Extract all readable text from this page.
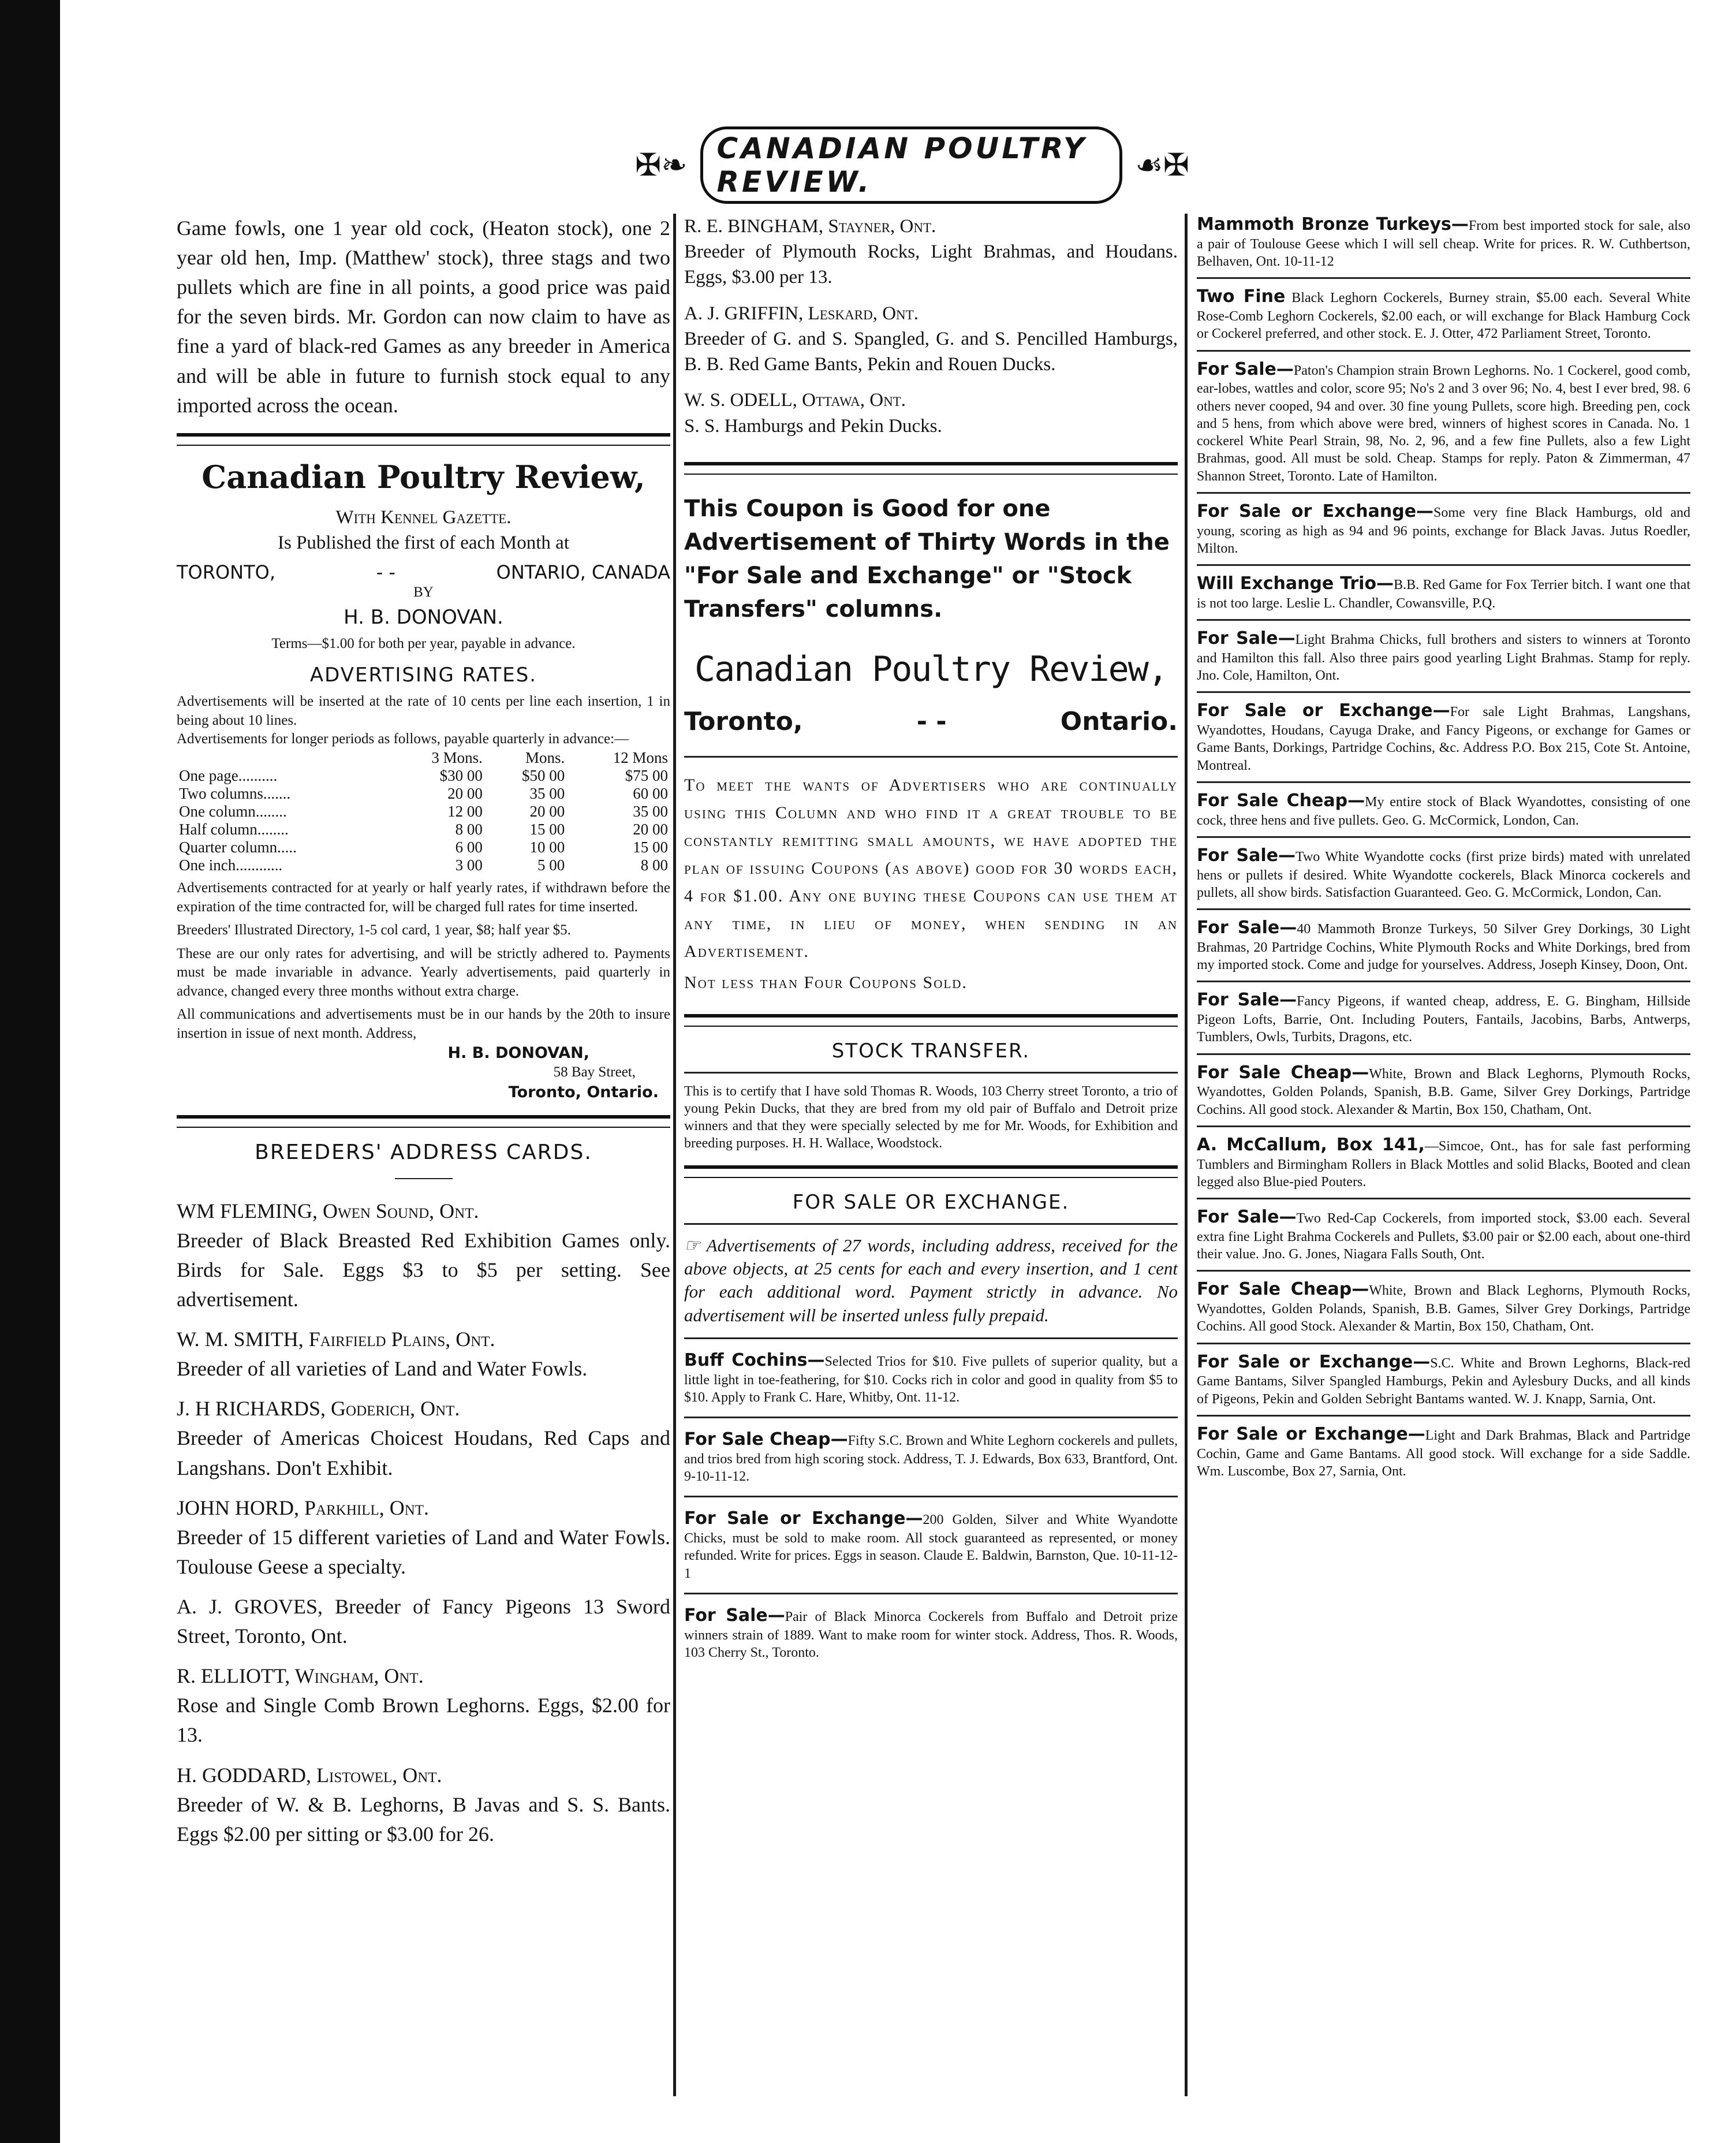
✠❧	CANADIAN POULTRY REVIEW.	☙✠

Game fowls, one 1 year old cock, (Heaton stock), one 2 year old hen, Imp. (Matthew' stock), three stags and two pullets which are fine in all points, a good price was paid for the seven birds. Mr. Gordon can now claim to have as fine a yard of black-red Games as any breeder in America and will be able in future to furnish stock equal to any imported across the ocean.

Canadian Poultry Review,

With Kennel Gazette.

Is Published the first of each Month at

TORONTO,	- -	ONTARIO, CANADA

BY

H. B. DONOVAN.

Terms—$1.00 for both per year, payable in advance.

ADVERTISING RATES.

Advertisements will be inserted at the rate of 10 cents per line each insertion, 1 in being about 10 lines.

Advertisements for longer periods as follows, payable quarterly in advance:—

	3 Mons.	Mons.	12 Mons
One page..........	$30 00	$50 00	$75 00
Two columns.......	20 00	35 00	60 00
One column........	12 00	20 00	35 00
Half column........	8 00	15 00	20 00
Quarter column.....	6 00	10 00	15 00
One inch............	3 00	5 00	8 00

Advertisements contracted for at yearly or half yearly rates, if withdrawn before the expiration of the time contracted for, will be charged full rates for time inserted.

Breeders' Illustrated Directory, 1-5 col card, 1 year, $8; half year $5.

These are our only rates for advertising, and will be strictly adhered to. Payments must be made invariable in advance. Yearly advertisements, paid quarterly in advance, changed every three months without extra charge.

All communications and advertisements must be in our hands by the 20th to insure insertion in issue of next month. Address,

H. B. DONOVAN,

58 Bay Street,

Toronto, Ontario.

BREEDERS' ADDRESS CARDS.

WM FLEMING, Owen Sound, Ont.

Breeder of Black Breasted Red Exhibition Games only. Birds for Sale. Eggs $3 to $5 per setting. See advertisement.

W. M. SMITH, Fairfield Plains, Ont.

Breeder of all varieties of Land and Water Fowls.

J. H RICHARDS, Goderich, Ont.

Breeder of Americas Choicest Houdans, Red Caps and Langshans. Don't Exhibit.

JOHN HORD, Parkhill, Ont.

Breeder of 15 different varieties of Land and Water Fowls. Toulouse Geese a specialty.

A. J. GROVES, Breeder of Fancy Pigeons 13 Sword Street, Toronto, Ont.

R. ELLIOTT, Wingham, Ont.

Rose and Single Comb Brown Leghorns. Eggs, $2.00 for 13.

H. GODDARD, Listowel, Ont.

Breeder of W. & B. Leghorns, B Javas and S. S. Bants. Eggs $2.00 per sitting or $3.00 for 26.

R. E. BINGHAM, Stayner, Ont.

Breeder of Plymouth Rocks, Light Brahmas, and Houdans. Eggs, $3.00 per 13.

A. J. GRIFFIN, Leskard, Ont.

Breeder of G. and S. Spangled, G. and S. Pencilled Hamburgs, B. B. Red Game Bants, Pekin and Rouen Ducks.

W. S. ODELL, Ottawa, Ont.

S. S. Hamburgs and Pekin Ducks.

This Coupon is Good for one Advertisement of Thirty Words in the "For Sale and Exchange" or "Stock Transfers" columns.

Canadian Poultry Review,
Toronto,	- -	Ontario.

To meet the wants of Advertisers who are continually using this Column and who find it a great trouble to be constantly remitting small amounts, we have adopted the plan of issuing Coupons (as above) good for 30 words each, 4 for $1.00. Any one buying these Coupons can use them at any time, in lieu of money, when sending in an Advertisement.

Not less than Four Coupons Sold.

STOCK TRANSFER.

This is to certify that I have sold Thomas R. Woods, 103 Cherry street Toronto, a trio of young Pekin Ducks, that they are bred from my old pair of Buffalo and Detroit prize winners and that they were specially selected by me for Mr. Woods, for Exhibition and breeding purposes. H. H. Wallace, Woodstock.

FOR SALE OR EXCHANGE.

☞ Advertisements of 27 words, including address, received for the above objects, at 25 cents for each and every insertion, and 1 cent for each additional word. Payment strictly in advance. No advertisement will be inserted unless fully prepaid.

Buff Cochins—Selected Trios for $10. Five pullets of superior quality, but a little light in toe-feathering, for $10. Cocks rich in color and good in quality from $5 to $10. Apply to Frank C. Hare, Whitby, Ont. 11-12.
For Sale Cheap—Fifty S.C. Brown and White Leghorn cockerels and pullets, and trios bred from high scoring stock. Address, T. J. Edwards, Box 633, Brantford, Ont. 9-10-11-12.
For Sale or Exchange—200 Golden, Silver and White Wyandotte Chicks, must be sold to make room. All stock guaranteed as represented, or money refunded. Write for prices. Eggs in season. Claude E. Baldwin, Barnston, Que. 10-11-12-1
For Sale—Pair of Black Minorca Cockerels from Buffalo and Detroit prize winners strain of 1889. Want to make room for winter stock. Address, Thos. R. Woods, 103 Cherry St., Toronto.
Mammoth Bronze Turkeys—From best imported stock for sale, also a pair of Toulouse Geese which I will sell cheap. Write for prices. R. W. Cuthbertson, Belhaven, Ont. 10-11-12
Two Fine Black Leghorn Cockerels, Burney strain, $5.00 each. Several White Rose-Comb Leghorn Cockerels, $2.00 each, or will exchange for Black Hamburg Cock or Cockerel preferred, and other stock. E. J. Otter, 472 Parliament Street, Toronto.
For Sale—Paton's Champion strain Brown Leghorns. No. 1 Cockerel, good comb, ear-lobes, wattles and color, score 95; No's 2 and 3 over 96; No. 4, best I ever bred, 98. 6 others never cooped, 94 and over. 30 fine young Pullets, score high. Breeding pen, cock and 5 hens, from which above were bred, winners of highest scores in Canada. No. 1 cockerel White Pearl Strain, 98, No. 2, 96, and a few fine Pullets, also a few Light Brahmas, good. All must be sold. Cheap. Stamps for reply. Paton & Zimmerman, 47 Shannon Street, Toronto. Late of Hamilton.
For Sale or Exchange—Some very fine Black Hamburgs, old and young, scoring as high as 94 and 96 points, exchange for Black Javas. Jutus Roedler, Milton.
Will Exchange Trio—B.B. Red Game for Fox Terrier bitch. I want one that is not too large. Leslie L. Chandler, Cowansville, P.Q.
For Sale—Light Brahma Chicks, full brothers and sisters to winners at Toronto and Hamilton this fall. Also three pairs good yearling Light Brahmas. Stamp for reply. Jno. Cole, Hamilton, Ont.
For Sale or Exchange—For sale Light Brahmas, Langshans, Wyandottes, Houdans, Cayuga Drake, and Fancy Pigeons, or exchange for Games or Game Bants, Dorkings, Partridge Cochins, &c. Address P.O. Box 215, Cote St. Antoine, Montreal.
For Sale Cheap—My entire stock of Black Wyandottes, consisting of one cock, three hens and five pullets. Geo. G. McCormick, London, Can.
For Sale—Two White Wyandotte cocks (first prize birds) mated with unrelated hens or pullets if desired. White Wyandotte cockerels, Black Minorca cockerels and pullets, all show birds. Satisfaction Guaranteed. Geo. G. McCormick, London, Can.
For Sale—40 Mammoth Bronze Turkeys, 50 Silver Grey Dorkings, 30 Light Brahmas, 20 Partridge Cochins, White Plymouth Rocks and White Dorkings, bred from my imported stock. Come and judge for yourselves. Address, Joseph Kinsey, Doon, Ont.
For Sale—Fancy Pigeons, if wanted cheap, address, E. G. Bingham, Hillside Pigeon Lofts, Barrie, Ont. Including Pouters, Fantails, Jacobins, Barbs, Antwerps, Tumblers, Owls, Turbits, Dragons, etc.
For Sale Cheap—White, Brown and Black Leghorns, Plymouth Rocks, Wyandottes, Golden Polands, Spanish, B.B. Game, Silver Grey Dorkings, Partridge Cochins. All good stock. Alexander & Martin, Box 150, Chatham, Ont.
A. McCallum, Box 141,—Simcoe, Ont., has for sale fast performing Tumblers and Birmingham Rollers in Black Mottles and solid Blacks, Booted and clean legged also Blue-pied Pouters.
For Sale—Two Red-Cap Cockerels, from imported stock, $3.00 each. Several extra fine Light Brahma Cockerels and Pullets, $3.00 pair or $2.00 each, about one-third their value. Jno. G. Jones, Niagara Falls South, Ont.
For Sale Cheap—White, Brown and Black Leghorns, Plymouth Rocks, Wyandottes, Golden Polands, Spanish, B.B. Games, Silver Grey Dorkings, Partridge Cochins. All good Stock. Alexander & Martin, Box 150, Chatham, Ont.
For Sale or Exchange—S.C. White and Brown Leghorns, Black-red Game Bantams, Silver Spangled Hamburgs, Pekin and Aylesbury Ducks, and all kinds of Pigeons, Pekin and Golden Sebright Bantams wanted. W. J. Knapp, Sarnia, Ont.
For Sale or Exchange—Light and Dark Brahmas, Black and Partridge Cochin, Game and Game Bantams. All good stock. Will exchange for a side Saddle. Wm. Luscombe, Box 27, Sarnia, Ont.
